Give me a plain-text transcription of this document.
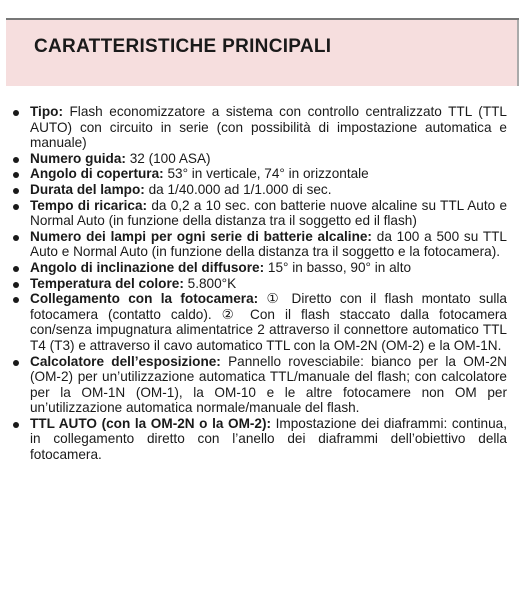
CARATTERISTICHE PRINCIPALI
Tipo: Flash economizzatore a sistema con controllo centralizzato TTL (TTL AUTO) con circuito in serie (con possibilità di impostazione automatica e manuale)
Numero guida: 32 (100 ASA)
Angolo di copertura: 53° in verticale, 74° in orizzontale
Durata del lampo: da 1/40.000 ad 1/1.000 di sec.
Tempo di ricarica: da 0,2 a 10 sec. con batterie nuove alcaline su TTL Auto e Normal Auto (in funzione della distanza tra il soggetto ed il flash)
Numero dei lampi per ogni serie di batterie alcaline: da 100 a 500 su TTL Auto e Normal Auto (in funzione della distanza tra il soggetto e la fotocamera).
Angolo di inclinazione del diffusore: 15° in basso, 90° in alto
Temperatura del colore: 5.800°K
Collegamento con la fotocamera: ① Diretto con il flash montato sulla fotocamera (contatto caldo). ② Con il flash staccato dalla fotocamera con/senza impugnatura alimentatrice 2 attraverso il connettore automatico TTL T4 (T3) e attraverso il cavo automatico TTL con la OM-2N (OM-2) e la OM-1N.
Calcolatore dell’esposizione: Pannello rovesciabile: bianco per la OM-2N (OM-2) per un’utilizzazione automatica TTL/manuale del flash; con calcolatore per la OM-1N (OM-1), la OM-10 e le altre fotocamere non OM per un’utilizzazione automatica normale/manuale del flash.
TTL AUTO (con la OM-2N o la OM-2): Impostazione dei diaframmi: continua, in collegamento diretto con l’anello dei diaframmi dell’obiettivo della fotocamera.
